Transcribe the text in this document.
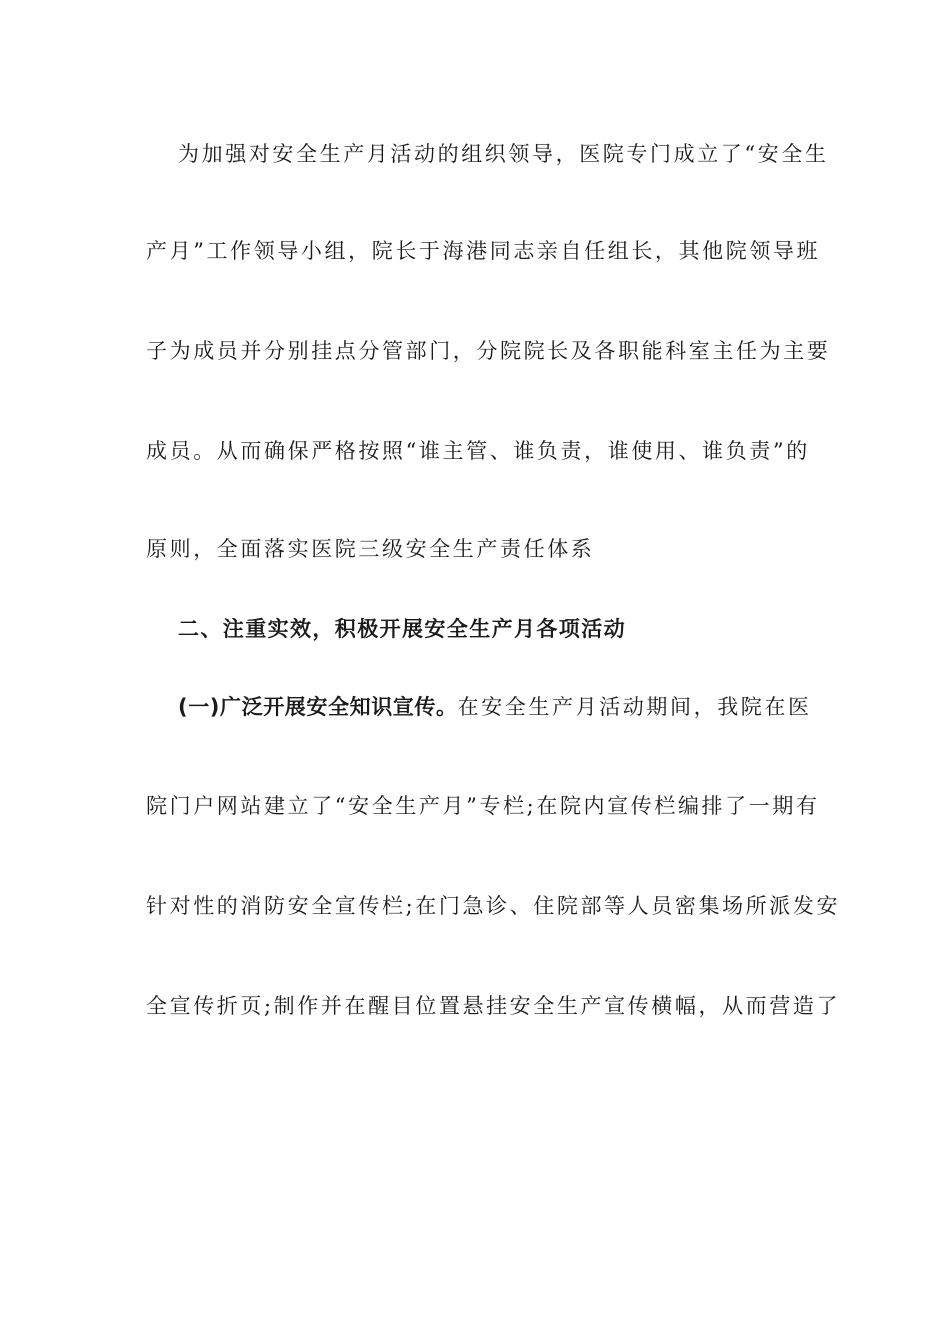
为加强对安全生产月活动的组织领导，医院专门成立了“安全生
产月”工作领导小组，院长于海港同志亲自任组长，其他院领导班
子为成员并分别挂点分管部门，分院院长及各职能科室主任为主要
成员。从而确保严格按照“谁主管、谁负责，谁使用、谁负责”的
原则，全面落实医院三级安全生产责任体系
二、注重实效，积极开展安全生产月各项活动
(一)广泛开展安全知识宣传。在安全生产月活动期间，我院在医
院门户网站建立了“安全生产月”专栏;在院内宣传栏编排了一期有
针对性的消防安全宣传栏;在门急诊、住院部等人员密集场所派发安
全宣传折页;制作并在醒目位置悬挂安全生产宣传横幅，从而营造了
